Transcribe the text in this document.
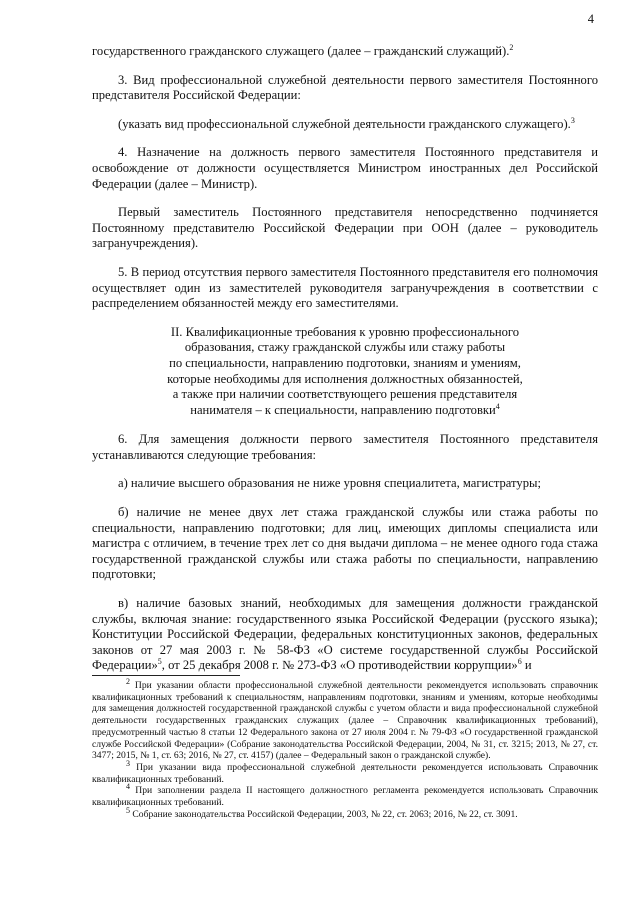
4

государственного гражданского служащего (далее – гражданский служащий).$^2$

3. Вид профессиональной служебной деятельности первого заместителя Постоянного представителя Российской Федерации:

(указать вид профессиональной служебной деятельности гражданского служащего).$^3$

4. Назначение на должность первого заместителя Постоянного представителя и освобождение от должности осуществляется Министром иностранных дел Российской Федерации (далее – Министр).

Первый заместитель Постоянного представителя непосредственно подчиняется Постоянному представителю Российской Федерации при ООН (далее – руководитель загранучреждения).

5. В период отсутствия первого заместителя Постоянного представителя его полномочия осуществляет один из заместителей руководителя загранучреждения в соответствии с распределением обязанностей между его заместителями.

II. Квалификационные требования к уровню профессионального
образования, стажу гражданской службы или стажу работы
по специальности, направлению подготовки, знаниям и умениям,
которые необходимы для исполнения должностных обязанностей,
а также при наличии соответствующего решения представителя
нанимателя – к специальности, направлению подготовки$^4$

6. Для замещения должности первого заместителя Постоянного представителя устанавливаются следующие требования:

а) наличие высшего образования не ниже уровня специалитета, магистратуры;

б) наличие не менее двух лет стажа гражданской службы или стажа работы по специальности, направлению подготовки; для лиц, имеющих дипломы специалиста или магистра с отличием, в течение трех лет со дня выдачи диплома – не менее одного года стажа государственной гражданской службы или стажа работы по специальности, направлению подготовки;

в) наличие базовых знаний, необходимых для замещения должности гражданской службы, включая знание: государственного языка Российской Федерации (русского языка); Конституции Российской Федерации, федеральных конституционных законов, федеральных законов от 27 мая 2003 г. № 58-ФЗ «О системе государственной службы Российской Федерации»$^5$, от 25 декабря 2008 г. № 273-ФЗ «О противодействии коррупции»$^6$ и

$^2$ При указании области профессиональной служебной деятельности рекомендуется использовать справочник квалификационных требований к специальностям, направлениям подготовки, знаниям и умениям, которые необходимы для замещения должностей государственной гражданской службы с учетом области и вида профессиональной служебной деятельности государственных гражданских служащих (далее – Справочник квалификационных требований), предусмотренный частью 8 статьи 12 Федерального закона от 27 июля 2004 г. № 79-ФЗ «О государственной гражданской службе Российской Федерации» (Собрание законодательства Российской Федерации, 2004, № 31, ст. 3215; 2013, № 27, ст. 3477; 2015, № 1, ст. 63; 2016, № 27, ст. 4157) (далее – Федеральный закон о гражданской службе).

$^3$ При указании вида профессиональной служебной деятельности рекомендуется использовать Справочник квалификационных требований.

$^4$ При заполнении раздела II настоящего должностного регламента рекомендуется использовать Справочник квалификационных требований.

$^5$ Собрание законодательства Российской Федерации, 2003, № 22, ст. 2063; 2016, № 22, ст. 3091.
